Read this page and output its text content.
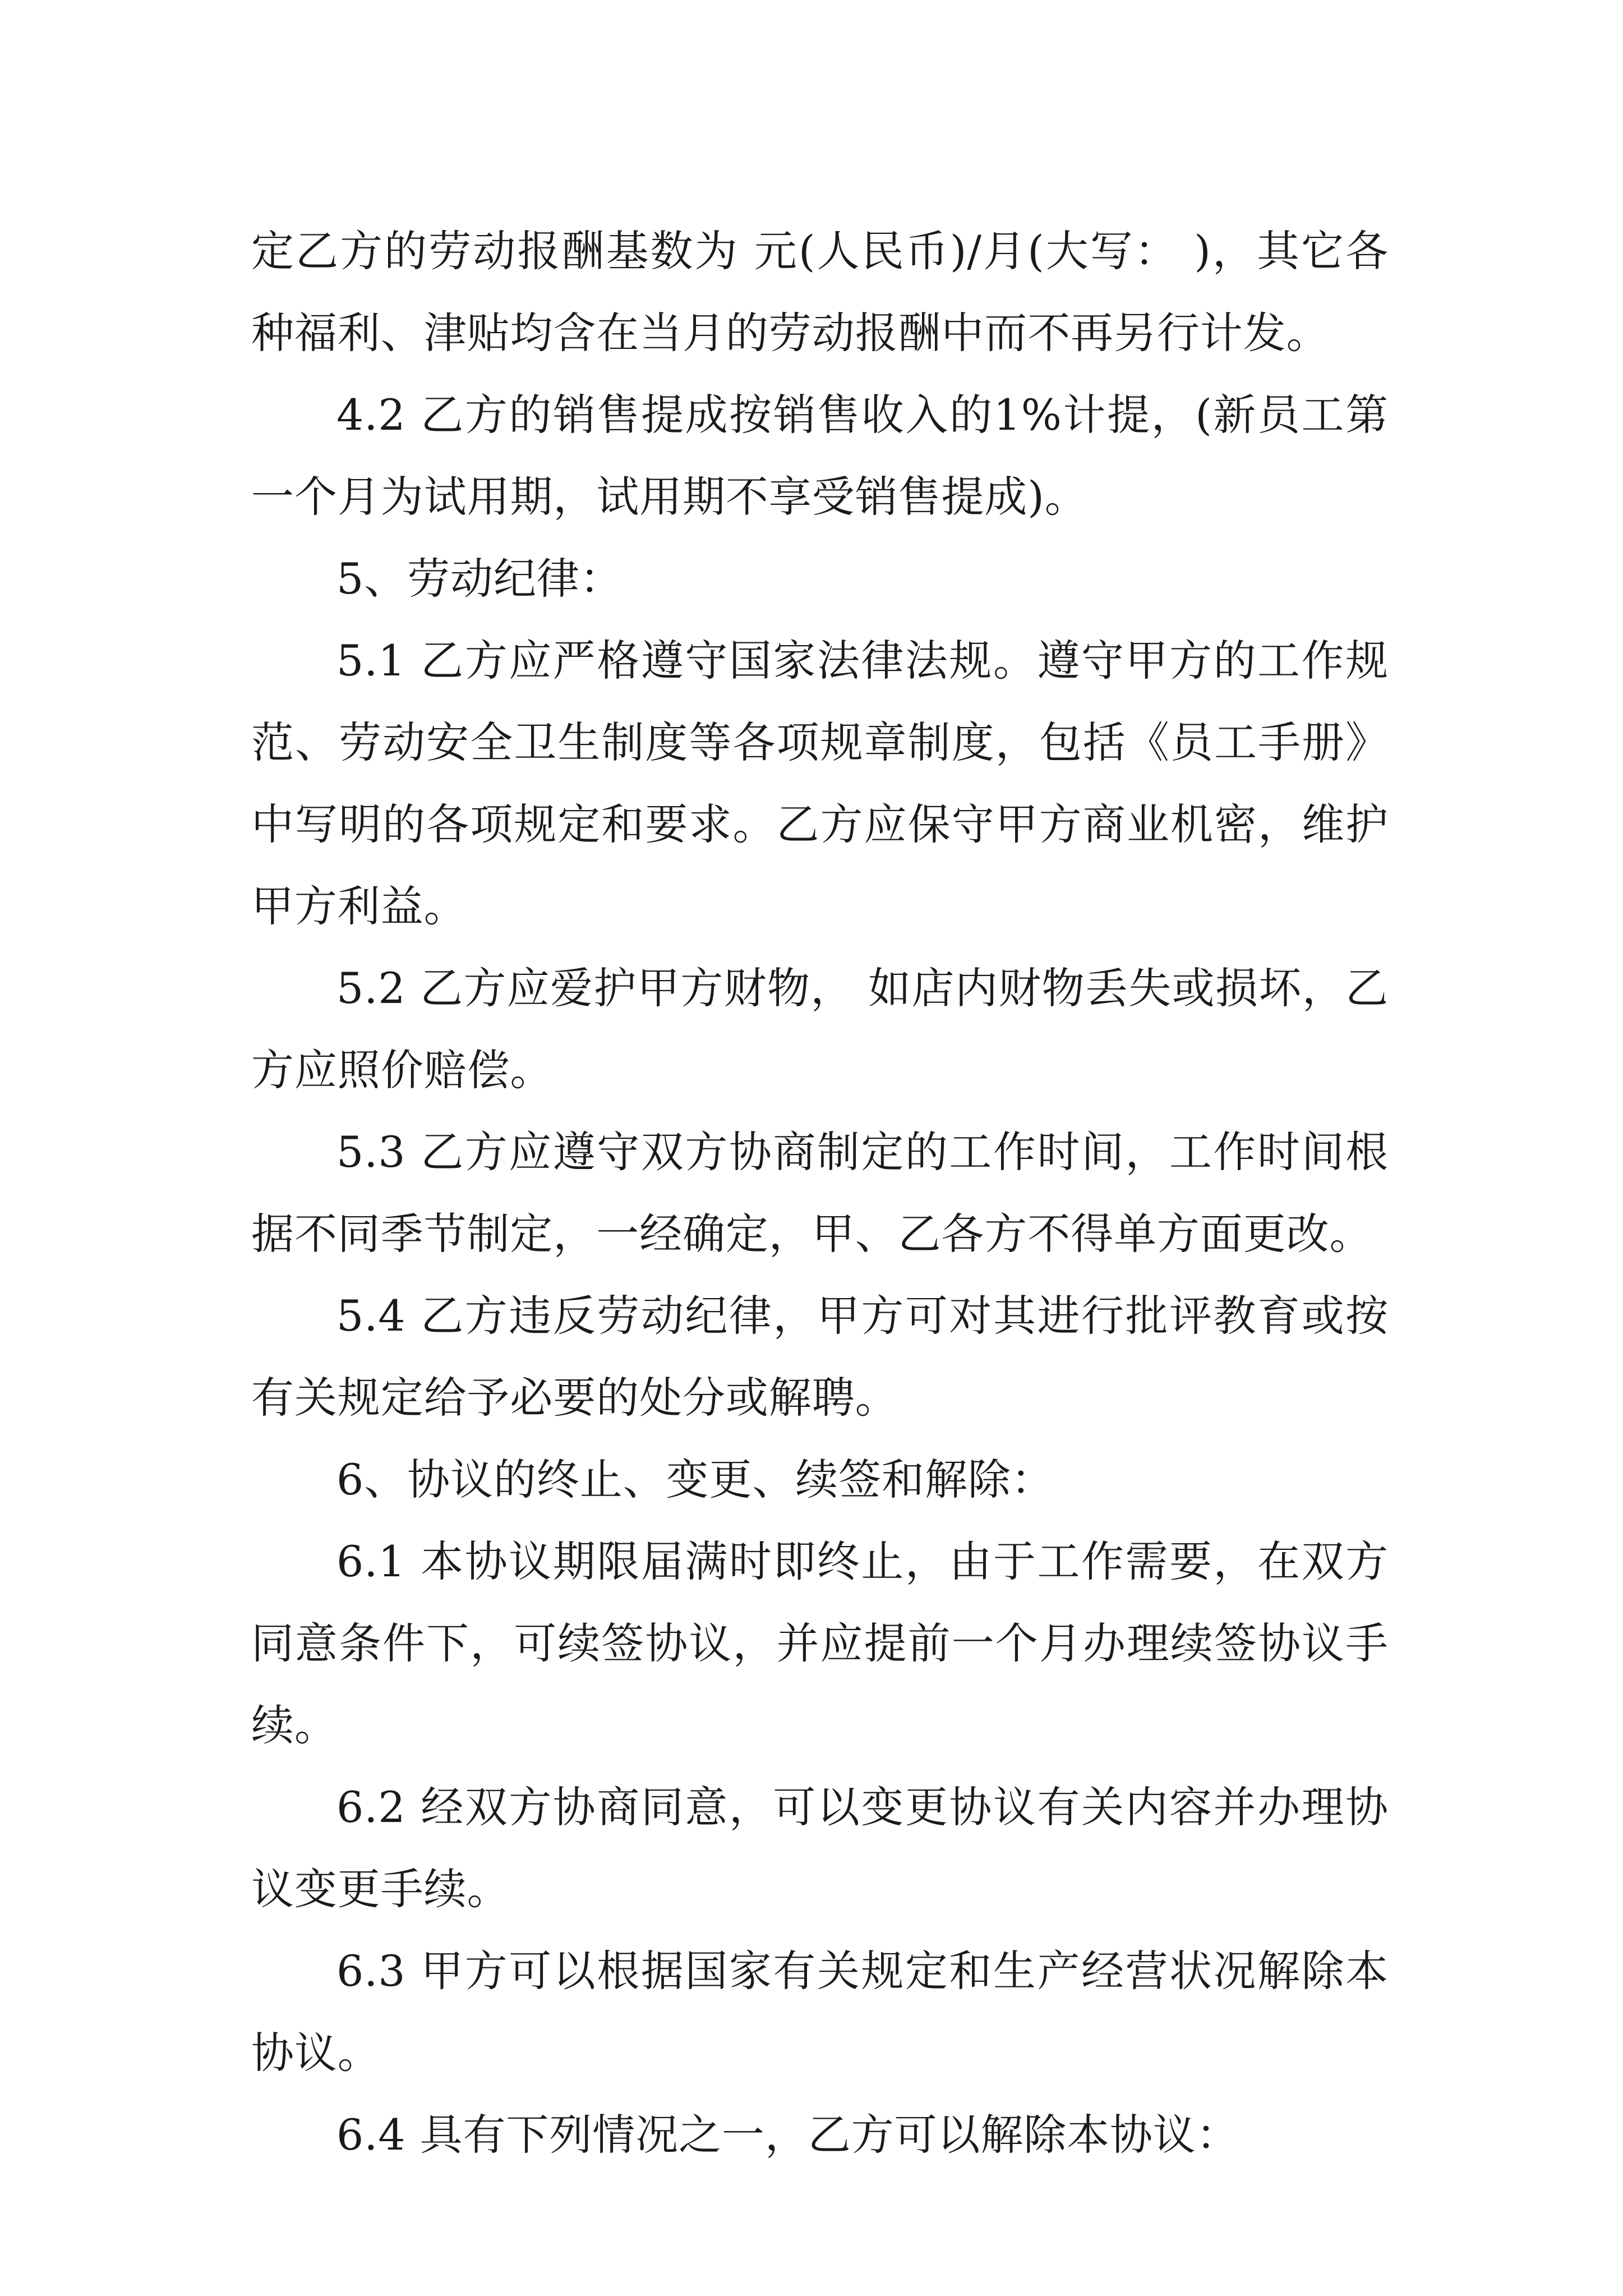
定乙方的劳动报酬基数为 元(人民币)/月(大写： )，其它各种福利、津贴均含在当月的劳动报酬中而不再另行计发。

4.2 乙方的销售提成按销售收入的1%计提，(新员工第一个月为试用期，试用期不享受销售提成)。

5、劳动纪律：

5.1 乙方应严格遵守国家法律法规。遵守甲方的工作规范、劳动安全卫生制度等各项规章制度，包括《员工手册》中写明的各项规定和要求。乙方应保守甲方商业机密，维护甲方利益。

5.2 乙方应爱护甲方财物， 如店内财物丢失或损坏，乙方应照价赔偿。

5.3 乙方应遵守双方协商制定的工作时间，工作时间根据不同季节制定，一经确定，甲、乙各方不得单方面更改。

5.4 乙方违反劳动纪律，甲方可对其进行批评教育或按有关规定给予必要的处分或解聘。

6、协议的终止、变更、续签和解除：

6.1 本协议期限届满时即终止，由于工作需要，在双方同意条件下，可续签协议，并应提前一个月办理续签协议手续。

6.2 经双方协商同意，可以变更协议有关内容并办理协议变更手续。

6.3 甲方可以根据国家有关规定和生产经营状况解除本协议。

6.4 具有下列情况之一，乙方可以解除本协议：
